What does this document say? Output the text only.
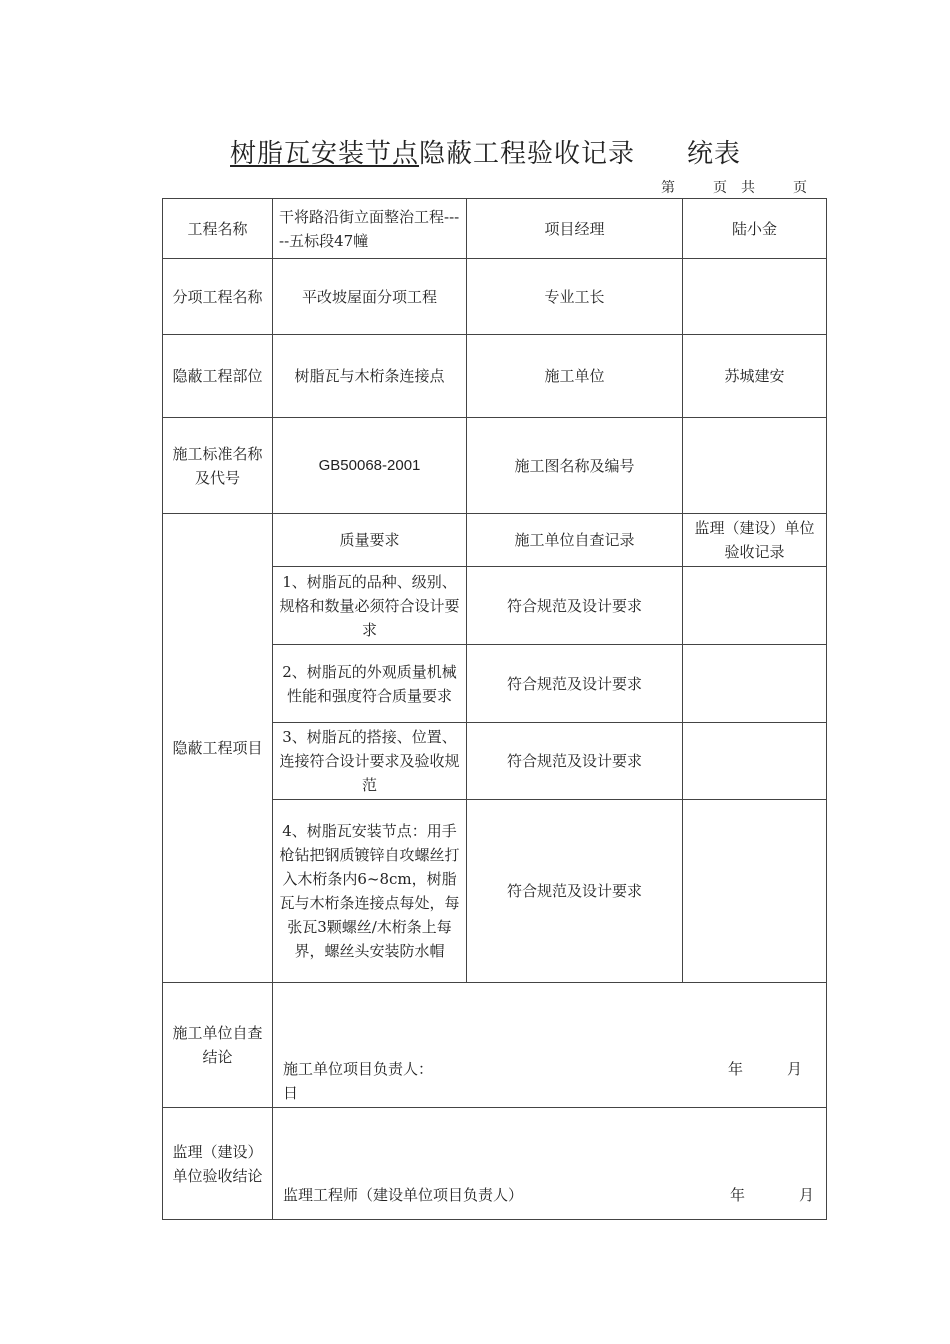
树脂瓦安装节点隐蔽工程验收记录 统表
第	页 共	页
工程名称	干将路沿街立面整治工程-----五标段47幢	项目经理	陆小金
分项工程名称	平改坡屋面分项工程	专业工长	
隐蔽工程部位	树脂瓦与木桁条连接点	施工单位	苏城建安
施工标准名称及代号	GB50068-2001	施工图名称及编号	
隐蔽工程项目	质量要求	施工单位自查记录	监理（建设）单位验收记录
	1、树脂瓦的品种、级别、规格和数量必须符合设计要求	符合规范及设计要求	
	2、树脂瓦的外观质量机械性能和强度符合质量要求	符合规范及设计要求	
	3、树脂瓦的搭接、位置、连接符合设计要求及验收规范	符合规范及设计要求	
	4、树脂瓦安装节点：用手枪钻把钢质镀锌自攻螺丝打入木桁条内6~8cm，树脂瓦与木桁条连接点每处，每张瓦3颗螺丝/木桁条上每界，螺丝头安装防水帽	符合规范及设计要求	
施工单位自查结论	施工单位项目负责人： 年 月
日		

监理（建设）单位验收结论	监理工程师（建设单位项目负责人） 年 月		
